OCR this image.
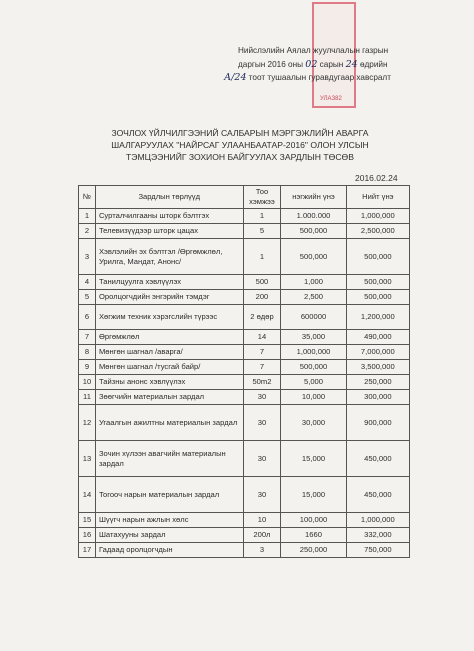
УЛАЗ82
Нийслэлийн Аялал жуулчлалын газрын
даргын 2016 оны 02 сарын 24 өдрийн
А/24 тоот тушаалын гуравдугаар хавсралт
ЗОЧЛОХ ҮЙЛЧИЛГЭЭНИЙ САЛБАРЫН МЭРГЭЖЛИЙН АВАРГА
ШАЛГАРУУЛАХ "НАЙРСАГ УЛААНБААТАР-2016" ОЛОН УЛСЫН
ТЭМЦЭЭНИЙГ ЗОХИОН БАЙГУУЛАХ ЗАРДЛЫН ТӨСӨВ
2016.02.24
№	Зардлын төрлүүд	Тоо хэмжээ	нэгжийн үнэ	Нийт үнэ
1	Сурталчилгааны шторк бэлтгэх	1	1.000.000	1,000,000
2	Телевизүүдээр шторк цацах	5	500,000	2,500,000
3	Хэвлэлийн эх бэлтгэл /Өргөмжлөл, Урилга, Мандат, Анонс/	1	500,000	500,000
4	Танилцуулга хэвлүүлэх	500	1,000	500,000
5	Оролцогчдийн энгэрийн тэмдэг	200	2,500	500,000
6	Хөгжим техник хэрэгслийн түрээс	2 өдөр	600000	1,200,000
7	Өргөмжлөл	14	35,000	490,000
8	Мөнгөн шагнал /аварга/	7	1,000,000	7,000,000
9	Мөнгөн шагнал /тусгай байр/	7	500,000	3,500,000
10	Тайзны анонс хэвлүүлэх	50m2	5,000	250,000
11	Зөөгчийн материалын зардал	30	10,000	300,000
12	Угаалгын ажилтны материалын зардал	30	30,000	900,000
13	Зочин хүлээн авагчийн материалын зардал	30	15,000	450,000
14	Тогооч нарын материалын зардал	30	15,000	450,000
15	Шүүгч нарын ажлын хөлс	10	100,000	1,000,000
16	Шатахууны зардал	200л	1660	332,000
17	Гадаад оролцогчдын	3	250,000	750,000
